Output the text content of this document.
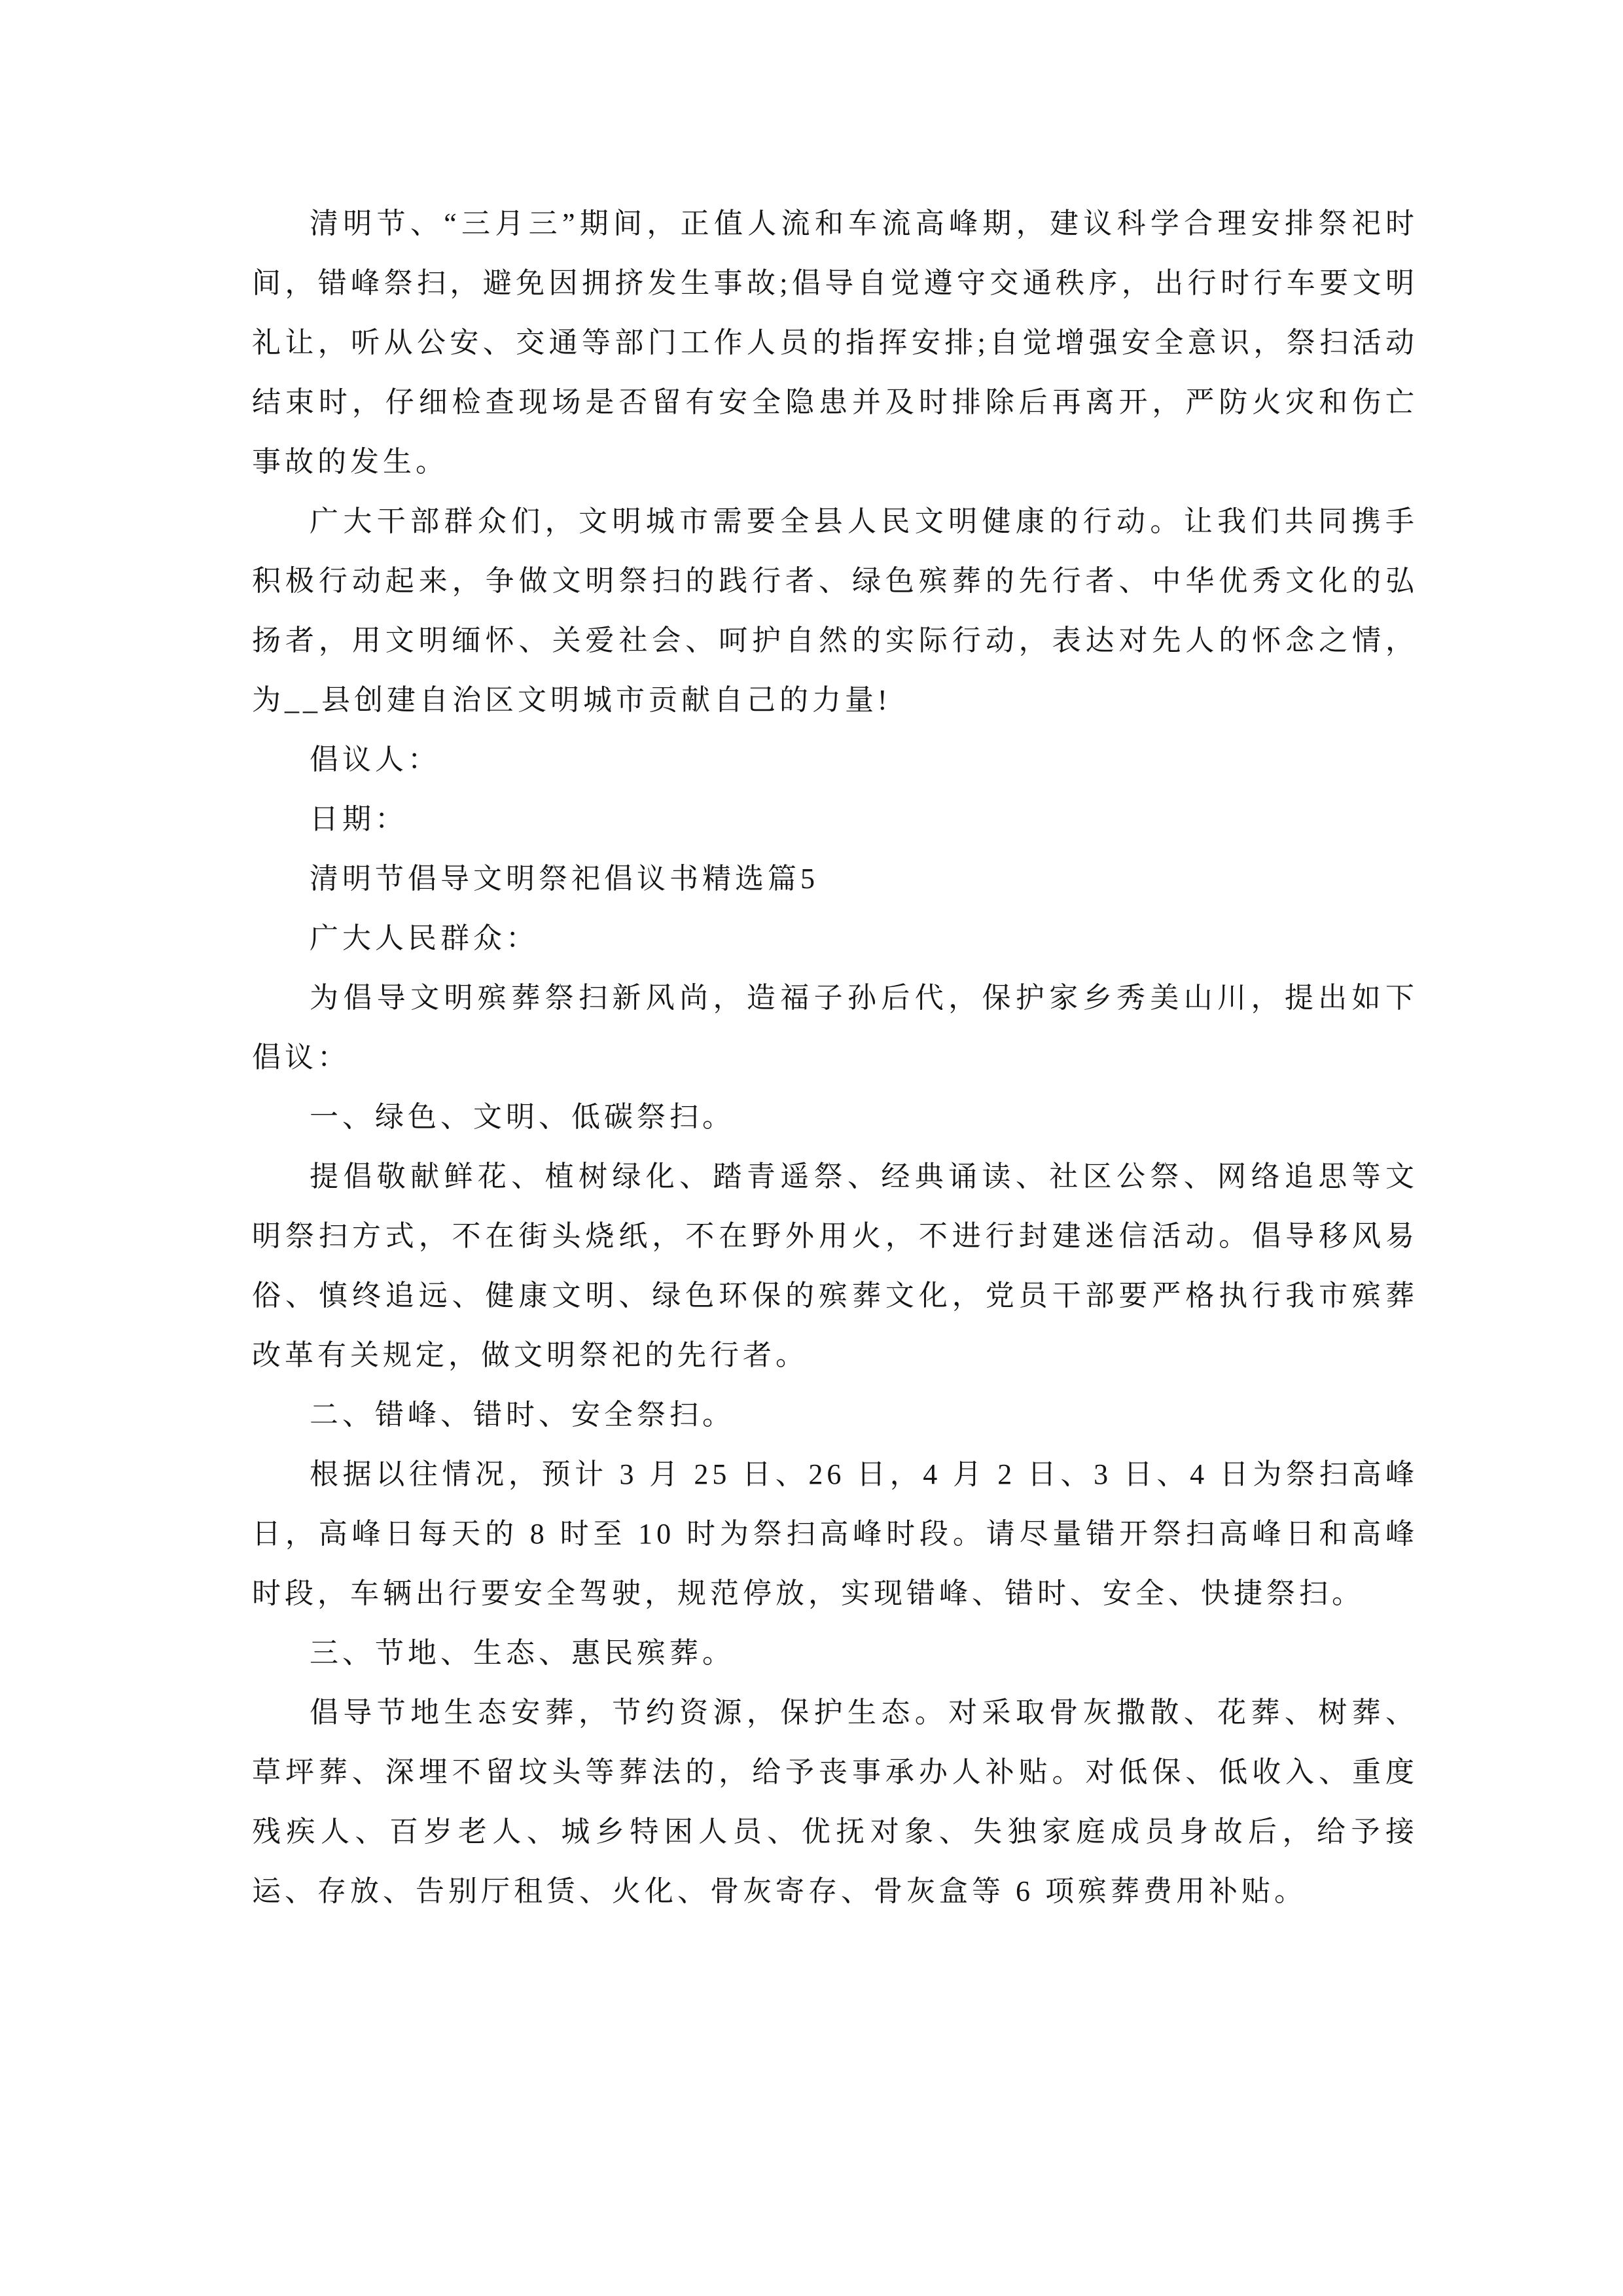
清明节、“三月三”期间，正值人流和车流高峰期，建议科学合理安排祭祀时间，错峰祭扫，避免因拥挤发生事故;倡导自觉遵守交通秩序，出行时行车要文明礼让，听从公安、交通等部门工作人员的指挥安排;自觉增强安全意识，祭扫活动结束时，仔细检查现场是否留有安全隐患并及时排除后再离开，严防火灾和伤亡事故的发生。

广大干部群众们，文明城市需要全县人民文明健康的行动。让我们共同携手积极行动起来，争做文明祭扫的践行者、绿色殡葬的先行者、中华优秀文化的弘扬者，用文明缅怀、关爱社会、呵护自然的实际行动，表达对先人的怀念之情，为__县创建自治区文明城市贡献自己的力量!

倡议人：

日期：

清明节倡导文明祭祀倡议书精选篇5

广大人民群众：

为倡导文明殡葬祭扫新风尚，造福子孙后代，保护家乡秀美山川，提出如下倡议：

一、绿色、文明、低碳祭扫。

提倡敬献鲜花、植树绿化、踏青遥祭、经典诵读、社区公祭、网络追思等文明祭扫方式，不在街头烧纸，不在野外用火，不进行封建迷信活动。倡导移风易俗、慎终追远、健康文明、绿色环保的殡葬文化，党员干部要严格执行我市殡葬改革有关规定，做文明祭祀的先行者。

二、错峰、错时、安全祭扫。

根据以往情况，预计 3 月 25 日、26 日，4 月 2 日、3 日、4 日为祭扫高峰日，高峰日每天的 8 时至 10 时为祭扫高峰时段。请尽量错开祭扫高峰日和高峰时段，车辆出行要安全驾驶，规范停放，实现错峰、错时、安全、快捷祭扫。

三、节地、生态、惠民殡葬。

倡导节地生态安葬，节约资源，保护生态。对采取骨灰撒散、花葬、树葬、草坪葬、深埋不留坟头等葬法的，给予丧事承办人补贴。对低保、低收入、重度残疾人、百岁老人、城乡特困人员、优抚对象、失独家庭成员身故后，给予接运、存放、告别厅租赁、火化、骨灰寄存、骨灰盒等 6 项殡葬费用补贴。
